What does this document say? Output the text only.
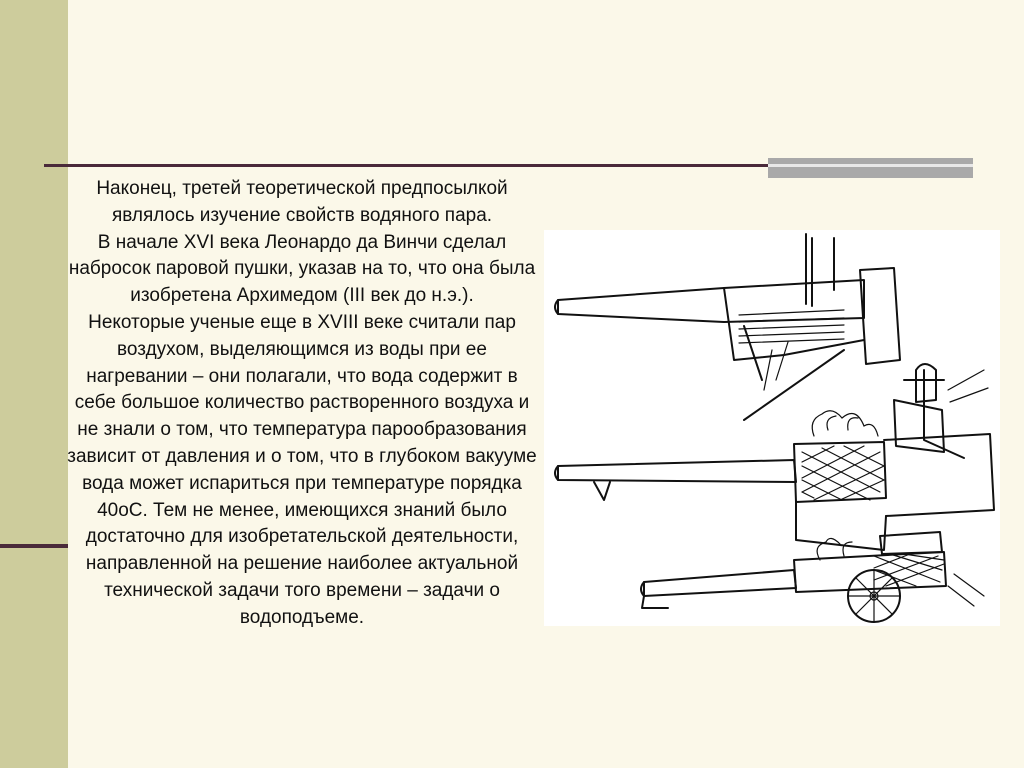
Наконец, третей теоретической предпосылкой являлось изучение свойств водяного пара.

В начале XVI века Леонардо да Винчи сделал набросок паровой пушки, указав на то, что она была изобретена Архимедом (III век до н.э.).

Некоторые ученые еще в XVIII веке считали пар воздухом, выделяющимся из воды при ее нагревании – они полагали, что вода содержит в себе большое количество растворенного воздуха и не знали о том, что температура парообразования зависит от давления и о том, что в глубоком вакууме вода может испариться при температуре порядка 40оС. Тем не менее, имеющихся знаний было достаточно для изобретательской деятельности, направленной на решение наиболее актуальной технической задачи того времени – задачи о водоподъеме.
